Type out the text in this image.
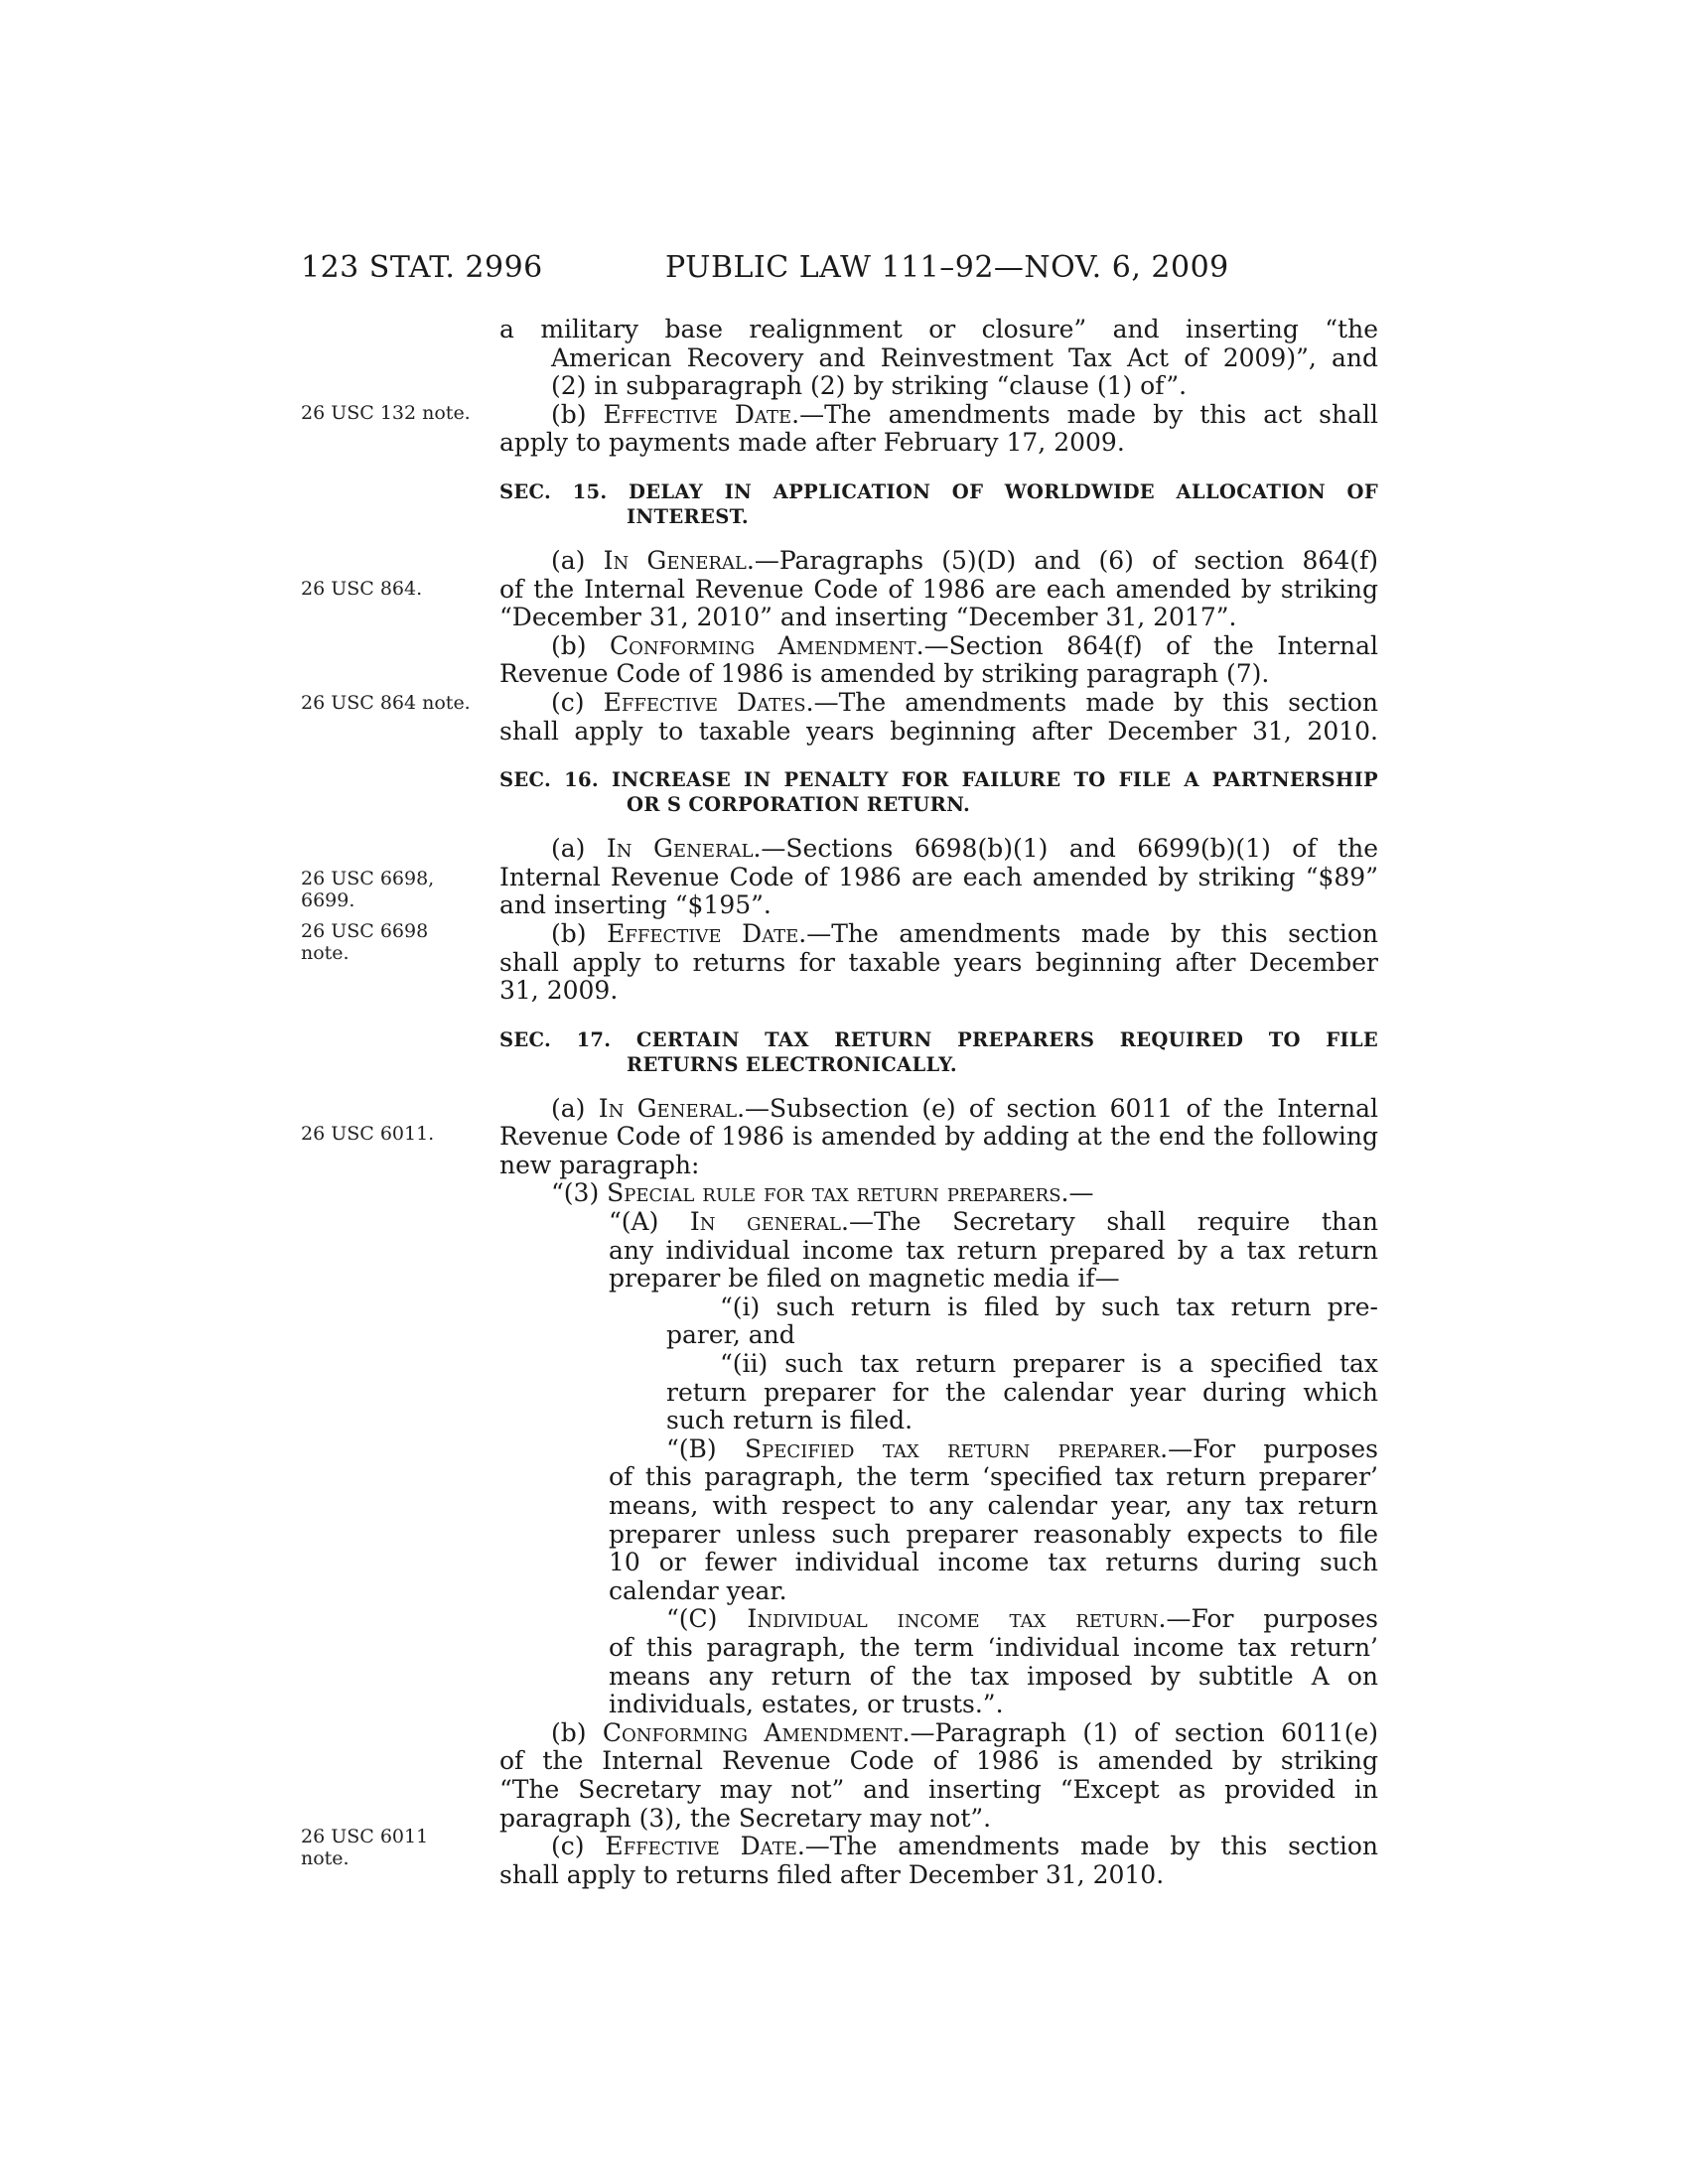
123 STAT. 2996	PUBLIC LAW 111–92—NOV. 6, 2009
26 USC 132 note.
26 USC 864.
26 USC 864 note.
26 USC 6698,
6699.
26 USC 6698
note.
26 USC 6011.
26 USC 6011
note.
a military base realignment or closure” and inserting “the
American Recovery and Reinvestment Tax Act of 2009)”, and
(2) in subparagraph (2) by striking “clause (1) of”.
(b) Effective Date.—The amendments made by this act shall
apply to payments made after February 17, 2009.
SEC. 15. DELAY IN APPLICATION OF WORLDWIDE ALLOCATION OF
INTEREST.
(a) In General.—Paragraphs (5)(D) and (6) of section 864(f)
of the Internal Revenue Code of 1986 are each amended by striking
“December 31, 2010” and inserting “December 31, 2017”.
(b) Conforming Amendment.—Section 864(f) of the Internal
Revenue Code of 1986 is amended by striking paragraph (7).
(c) Effective Dates.—The amendments made by this section
shall apply to taxable years beginning after December 31, 2010.
SEC. 16. INCREASE IN PENALTY FOR FAILURE TO FILE A PARTNERSHIP
OR S CORPORATION RETURN.
(a) In General.—Sections 6698(b)(1) and 6699(b)(1) of the
Internal Revenue Code of 1986 are each amended by striking “$89”
and inserting “$195”.
(b) Effective Date.—The amendments made by this section
shall apply to returns for taxable years beginning after December
31, 2009.
SEC. 17. CERTAIN TAX RETURN PREPARERS REQUIRED TO FILE
RETURNS ELECTRONICALLY.
(a) In General.—Subsection (e) of section 6011 of the Internal
Revenue Code of 1986 is amended by adding at the end the following
new paragraph:
“(3) Special rule for tax return preparers.—
“(A) In general.—The Secretary shall require than
any individual income tax return prepared by a tax return
preparer be filed on magnetic media if—
“(i) such return is filed by such tax return pre-
parer, and
“(ii) such tax return preparer is a specified tax
return preparer for the calendar year during which
such return is filed.
“(B) Specified tax return preparer.—For purposes
of this paragraph, the term ‘specified tax return preparer’
means, with respect to any calendar year, any tax return
preparer unless such preparer reasonably expects to file
10 or fewer individual income tax returns during such
calendar year.
“(C) Individual income tax return.—For purposes
of this paragraph, the term ‘individual income tax return’
means any return of the tax imposed by subtitle A on
individuals, estates, or trusts.”.
(b) Conforming Amendment.—Paragraph (1) of section 6011(e)
of the Internal Revenue Code of 1986 is amended by striking
“The Secretary may not” and inserting “Except as provided in
paragraph (3), the Secretary may not”.
(c) Effective Date.—The amendments made by this section
shall apply to returns filed after December 31, 2010.
